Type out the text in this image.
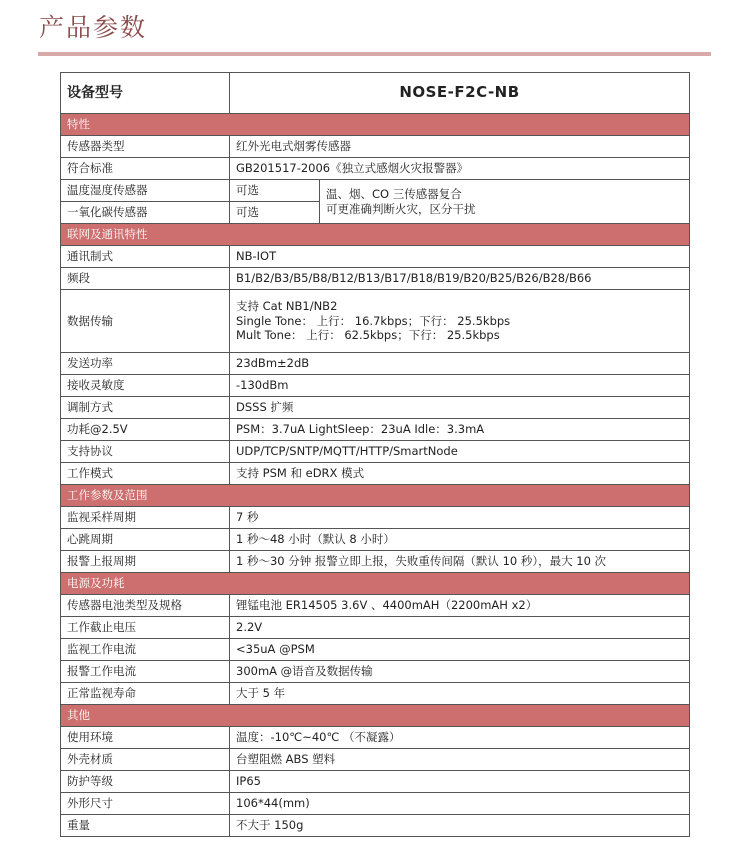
产品参数
设备型号	NOSE-F2C-NB	
特性		
传感器类型	红外光电式烟雾传感器	
符合标准	GB201517-2006《独立式感烟火灾报警器》	
温度湿度传感器	可选	温、烟、CO 三传感器复合
可更准确判断火灾，区分干扰

一氧化碳传感器	可选	
联网及通讯特性		
通讯制式	NB-IOT	
频段	B1/B2/B3/B5/B8/B12/B13/B17/B18/B19/B20/B25/B26/B28/B66	
数据传输	支持 Cat NB1/NB2
Single Tone： 上行： 16.7kbps；下行： 25.5kbps
Mult Tone： 上行： 62.5kbps；下行： 25.5kbps	

发送功率	23dBm±2dB	
接收灵敏度	-130dBm	
调制方式	DSSS 扩频	
功耗@2.5V	PSM：3.7uA LightSleep：23uA Idle：3.3mA	
支持协议	UDP/TCP/SNTP/MQTT/HTTP/SmartNode	
工作模式	支持 PSM 和 eDRX 模式	
工作参数及范围		
监视采样周期	7 秒	
心跳周期	1 秒～48 小时（默认 8 小时）	
报警上报周期	1 秒～30 分钟 报警立即上报，失败重传间隔（默认 10 秒），最大 10 次	
电源及功耗		
传感器电池类型及规格	锂锰电池 ER14505 3.6V 、4400mAH（2200mAH x2）	
工作截止电压	2.2V	
监视工作电流	<35uA @PSM	
报警工作电流	300mA @语音及数据传输	
正常监视寿命	大于 5 年	
其他		
使用环境	温度：-10℃~40℃ （不凝露）	
外壳材质	台塑阻燃 ABS 塑料	
防护等级	IP65	
外形尺寸	106*44(mm)	
重量	不大于 150g	
